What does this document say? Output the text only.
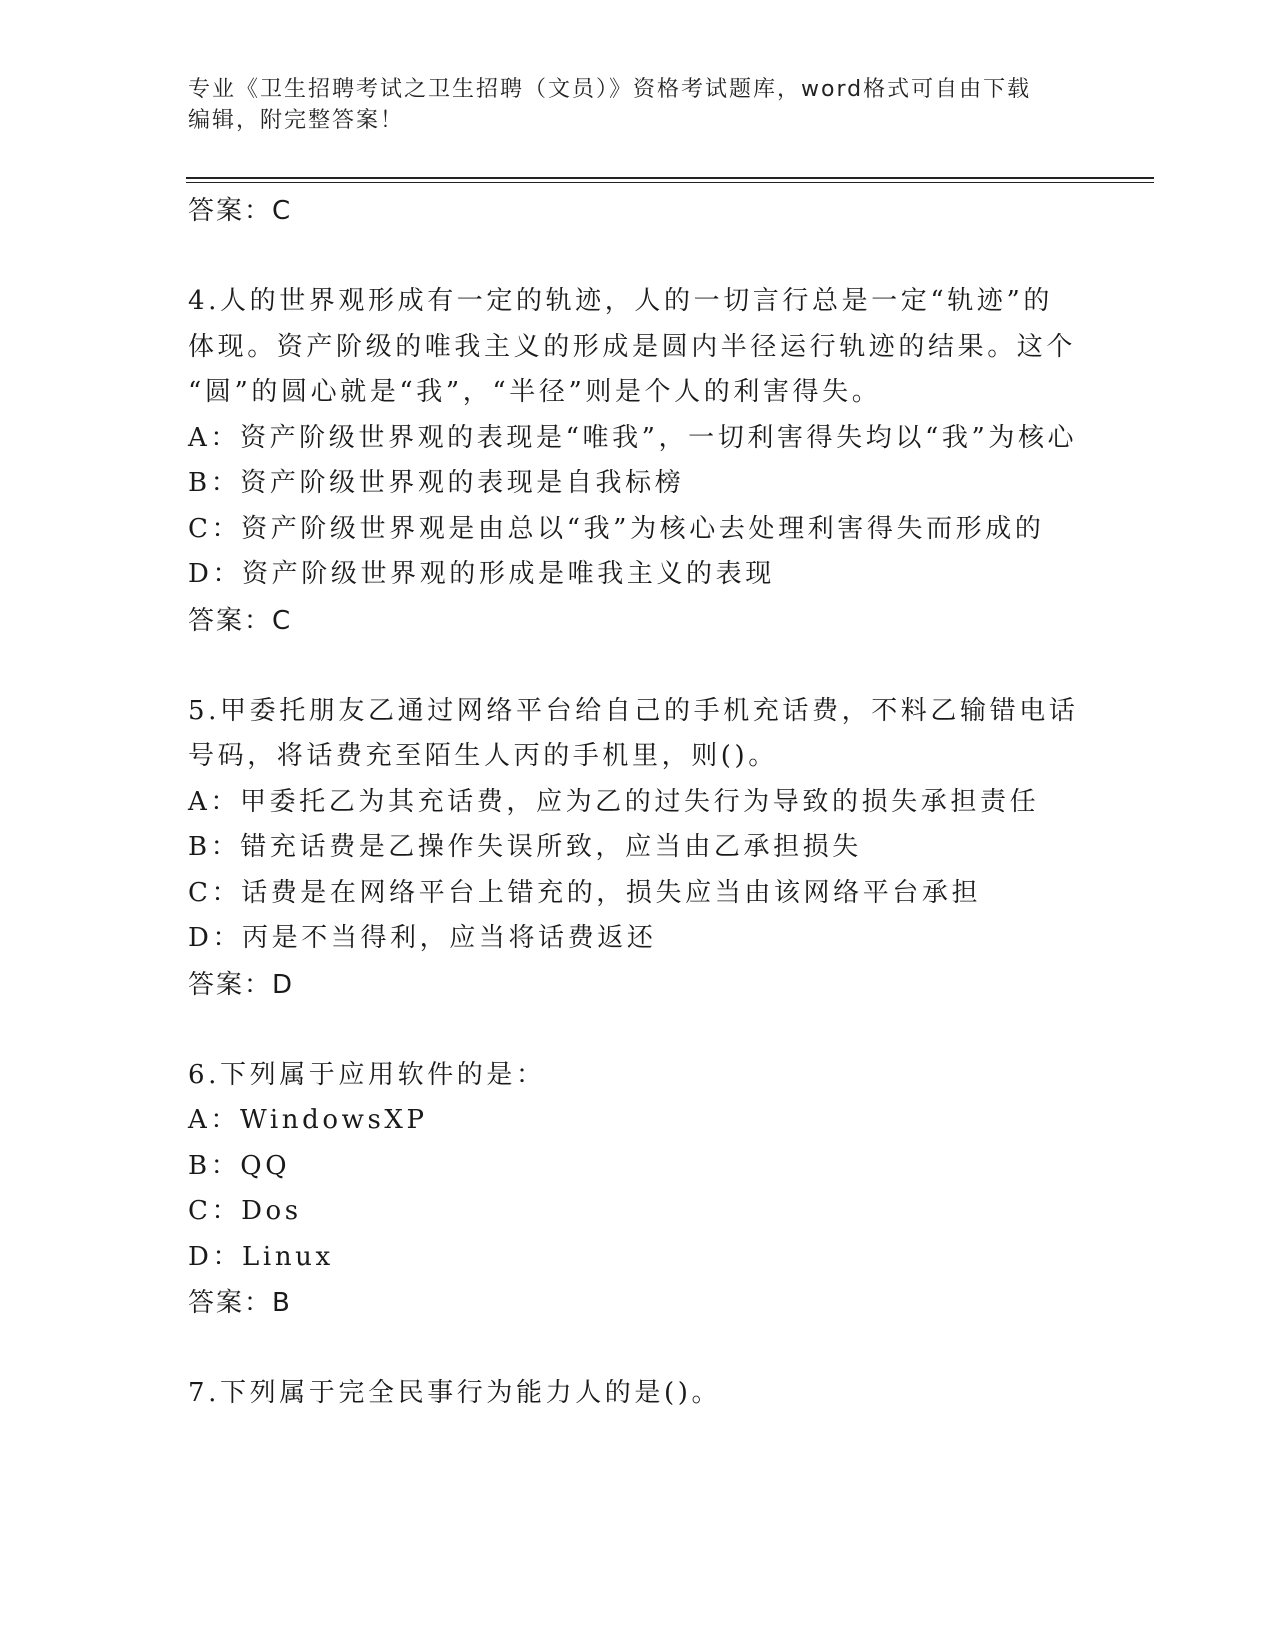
专业《卫生招聘考试之卫生招聘（文员）》资格考试题库，word格式可自由下载
编辑，附完整答案！
答案：C
4.人的世界观形成有一定的轨迹，人的一切言行总是一定“轨迹”的
体现。资产阶级的唯我主义的形成是圆内半径运行轨迹的结果。这个
“圆”的圆心就是“我”，“半径”则是个人的利害得失。
A：资产阶级世界观的表现是“唯我”，一切利害得失均以“我”为核心
B：资产阶级世界观的表现是自我标榜
C：资产阶级世界观是由总以“我”为核心去处理利害得失而形成的
D：资产阶级世界观的形成是唯我主义的表现
答案：C
5.甲委托朋友乙通过网络平台给自己的手机充话费，不料乙输错电话
号码，将话费充至陌生人丙的手机里，则()。
A：甲委托乙为其充话费，应为乙的过失行为导致的损失承担责任
B：错充话费是乙操作失误所致，应当由乙承担损失
C：话费是在网络平台上错充的，损失应当由该网络平台承担
D：丙是不当得利，应当将话费返还
答案：D
6.下列属于应用软件的是：
A：WindowsXP
B：QQ
C：Dos
D：Linux
答案：B
7.下列属于完全民事行为能力人的是()。
